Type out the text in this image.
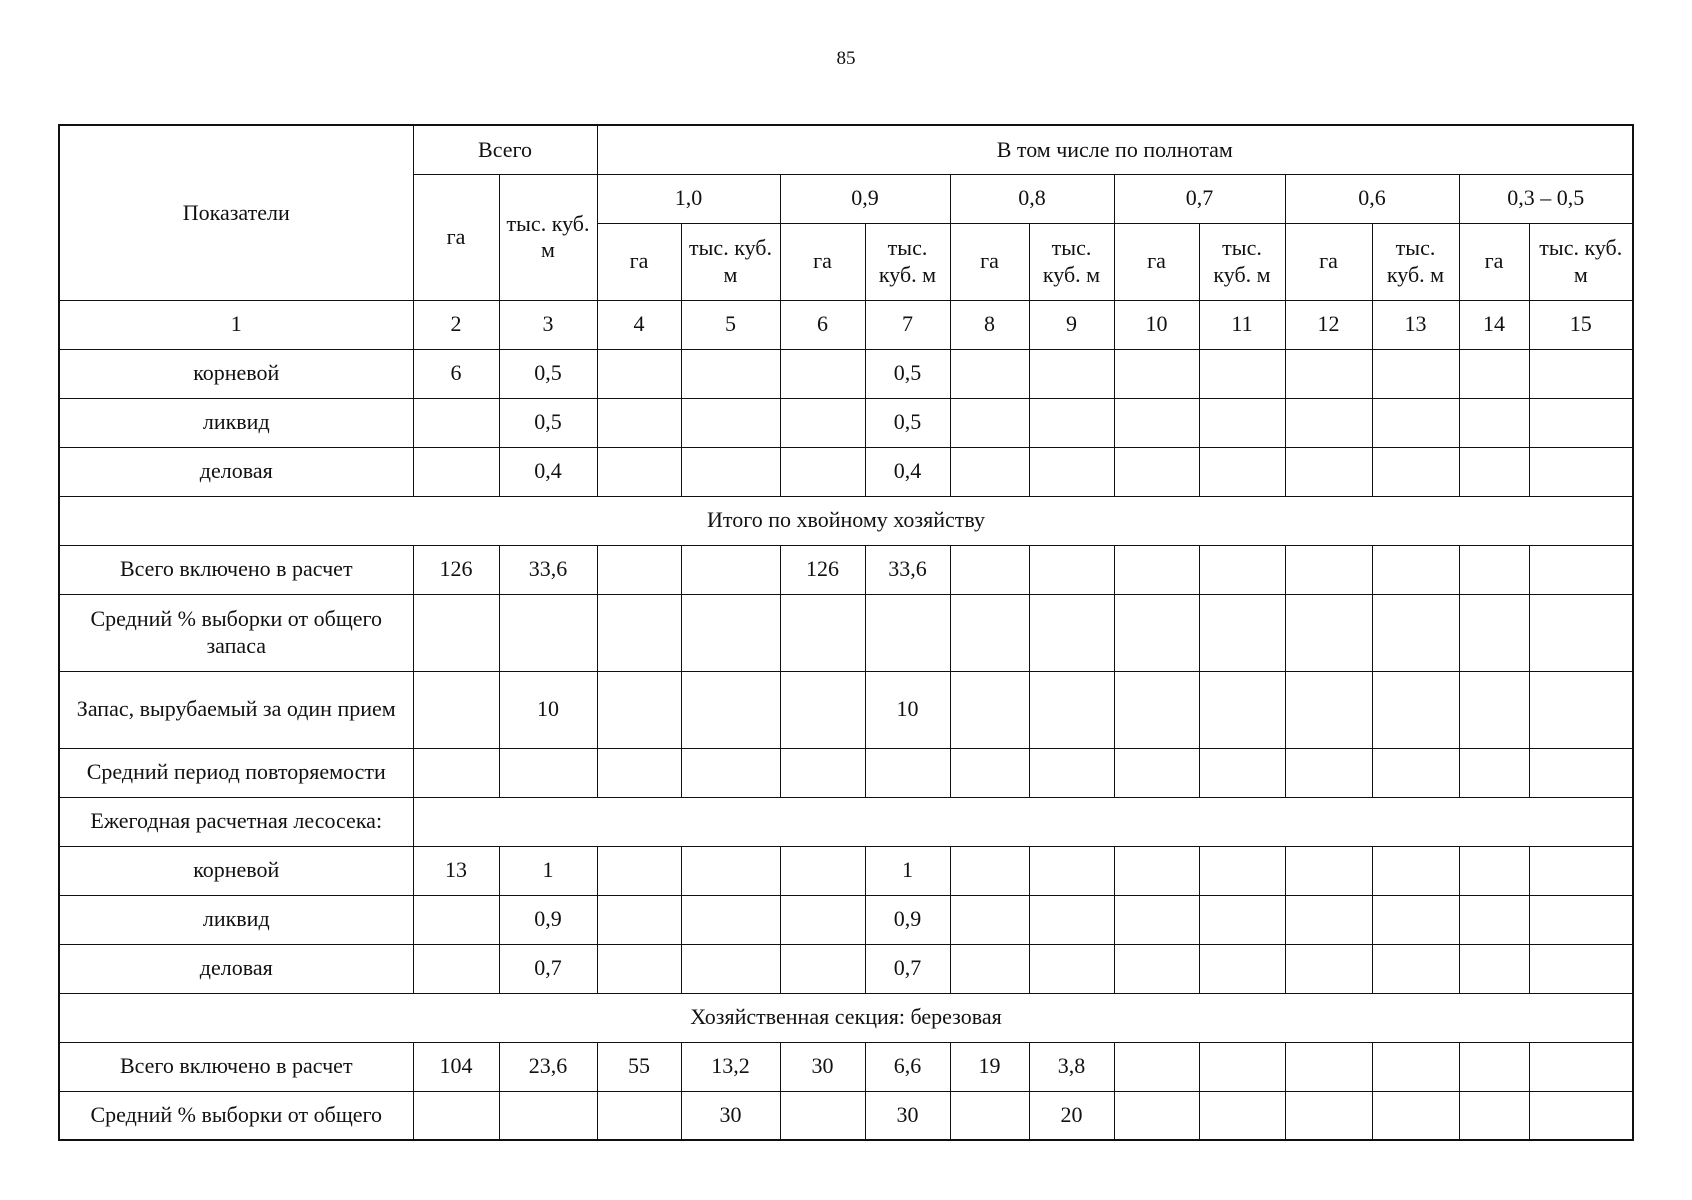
85
Показатели	Всего		В том числе по полнотам											
	га	тыс. куб. м	1,0		0,9		0,8		0,7		0,6		0,3 – 0,5	
			га	тыс. куб. м	га	тыс. куб. м	га	тыс. куб. м	га	тыс. куб. м	га	тыс. куб. м	га	тыс. куб. м
1	2	3	4	5	6	7	8	9	10	11	12	13	14	15
корневой	6	0,5				0,5								
ликвид		0,5				0,5								
деловая		0,4				0,4								
Итого по хвойному хозяйству														
Всего включено в расчет	126	33,6			126	33,6								
Средний % выборки от общего запаса														
Запас, вырубаемый за один прием		10				10								
Средний период повторяемости														
Ежегодная расчетная лесосека:														
корневой	13	1				1								
ликвид		0,9				0,9								
деловая		0,7				0,7								
Хозяйственная секция: березовая														
Всего включено в расчет	104	23,6	55	13,2	30	6,6	19	3,8						
Средний % выборки от общего				30		30		20						
